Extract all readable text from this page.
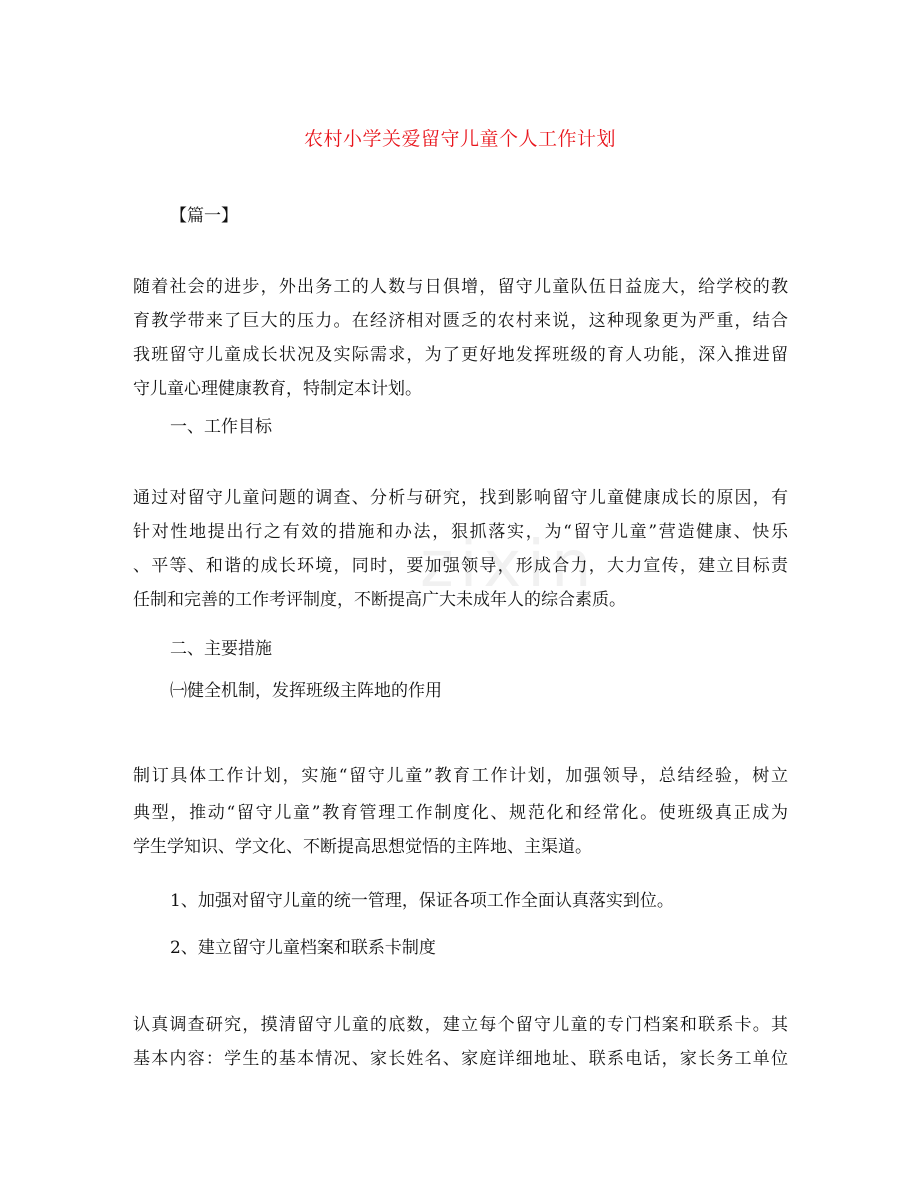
zixin
农村小学关爱留守儿童个人工作计划
【篇一】
随着社会的进步，外出务工的人数与日俱增，留守儿童队伍日益庞大，给学校的教
育教学带来了巨大的压力。在经济相对匮乏的农村来说，这种现象更为严重，结合
我班留守儿童成长状况及实际需求，为了更好地发挥班级的育人功能，深入推进留
守儿童心理健康教育，特制定本计划。
一、工作目标
通过对留守儿童问题的调查、分析与研究，找到影响留守儿童健康成长的原因，有
针对性地提出行之有效的措施和办法，狠抓落实，为“留守儿童”营造健康、快乐
、平等、和谐的成长环境，同时，要加强领导，形成合力，大力宣传，建立目标责
任制和完善的工作考评制度，不断提高广大未成年人的综合素质。
二、主要措施
㈠健全机制，发挥班级主阵地的作用
制订具体工作计划，实施“留守儿童”教育工作计划，加强领导，总结经验，树立
典型，推动“留守儿童”教育管理工作制度化、规范化和经常化。使班级真正成为
学生学知识、学文化、不断提高思想觉悟的主阵地、主渠道。
1、加强对留守儿童的统一管理，保证各项工作全面认真落实到位。
2、建立留守儿童档案和联系卡制度
认真调查研究，摸清留守儿童的底数，建立每个留守儿童的专门档案和联系卡。其
基本内容：学生的基本情况、家长姓名、家庭详细地址、联系电话，家长务工单位
